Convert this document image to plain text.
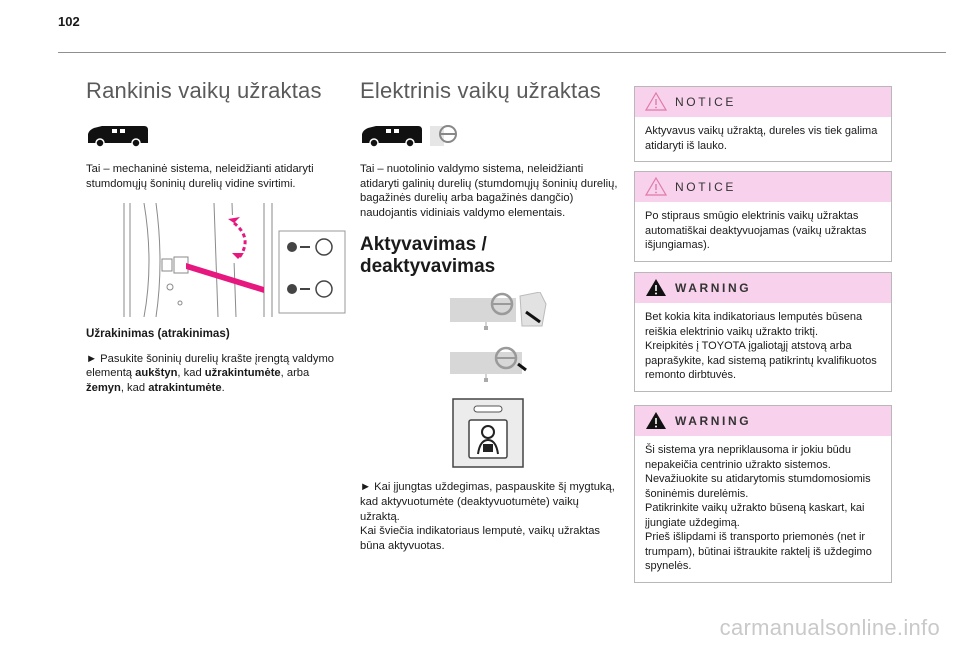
102
Rankinis vaikų užraktas

Tai – mechaninė sistema, neleidžianti atidaryti stumdomųjų šoninių durelių vidine svirtimi.

Užrakinimas (atrakinimas)

► Pasukite šoninių durelių krašte įrengtą valdymo elementą aukštyn, kad užrakintumėte, arba žemyn, kad atrakintumėte.

Elektrinis vaikų užraktas

Tai – nuotolinio valdymo sistema, neleidžianti atidaryti galinių durelių (stumdomųjų šoninių durelių, bagažinės durelių arba bagažinės dangčio) naudojantis vidiniais valdymo elementais.

Aktyvavimas /
deaktyvavimas

► Kai įjungtas uždegimas, paspauskite šį mygtuką, kad aktyvuotumėte (deaktyvuotumėte) vaikų užraktą.

Kai šviečia indikatoriaus lemputė, vaikų užraktas būna aktyvuotas.

NOTICE
Aktyvavus vaikų užraktą, dureles vis tiek galima atidaryti iš lauko.
NOTICE
Po stipraus smūgio elektrinis vaikų užraktas automatiškai deaktyvuojamas (vaikų užraktas išjungiamas).
WARNING
Bet kokia kita indikatoriaus lemputės būsena reiškia elektrinio vaikų užrakto triktį.
Kreipkitės į TOYOTA įgaliotąjį atstovą arba paprašykite, kad sistemą patikrintų kvalifikuotos remonto dirbtuvės.
WARNING
Ši sistema yra nepriklausoma ir jokiu būdu nepakeičia centrinio užrakto sistemos.
Nevažiuokite su atidarytomis stumdomosiomis šoninėmis durelėmis.
Patikrinkite vaikų užrakto būseną kaskart, kai įjungiate uždegimą.
Prieš išlipdami iš transporto priemonės (net ir trumpam), būtinai ištraukite raktelį iš uždegimo spynelės.
carmanualsonline.info
